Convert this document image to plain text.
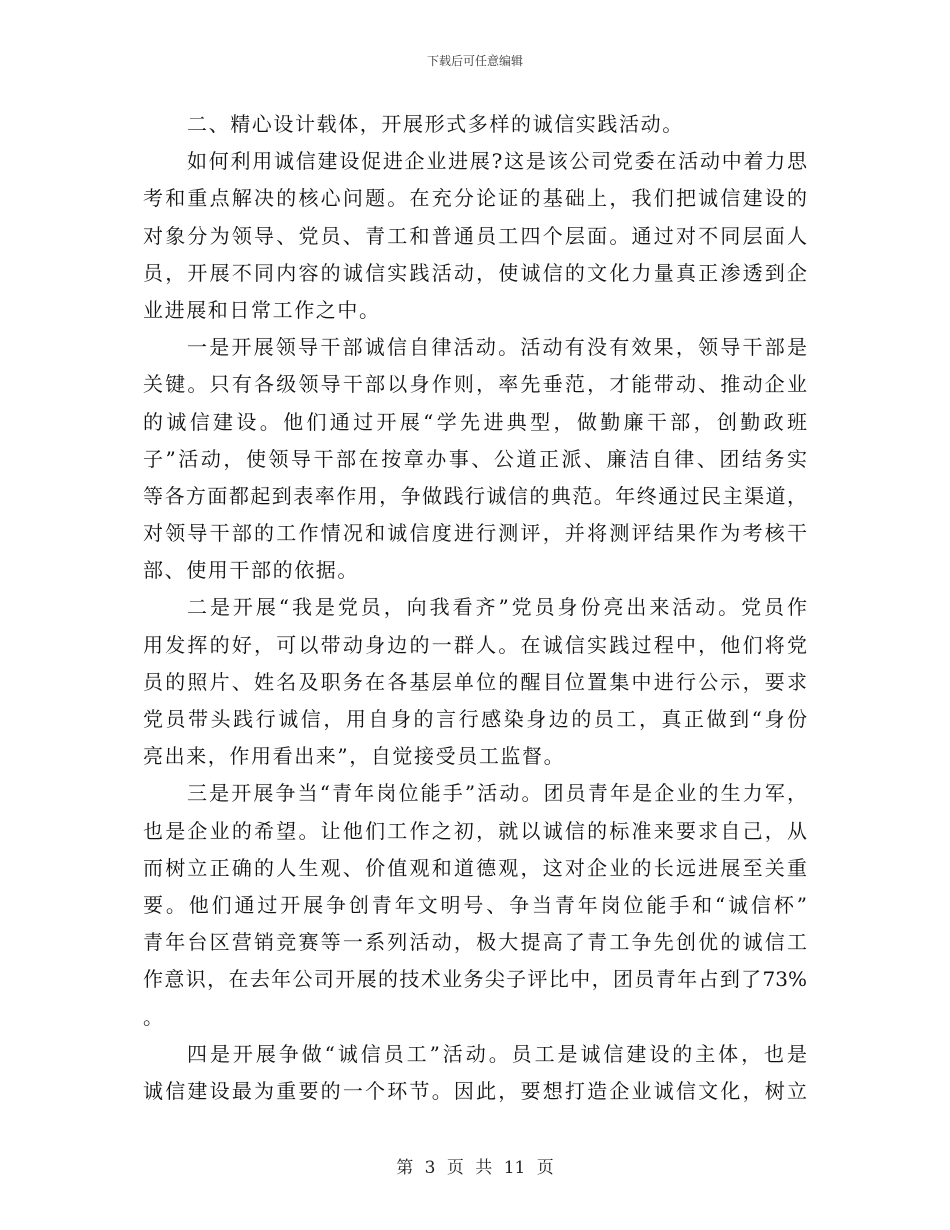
下载后可任意编辑
二、精心设计载体，开展形式多样的诚信实践活动。
如何利用诚信建设促进企业进展?这是该公司党委在活动中着力思
考和重点解决的核心问题。在充分论证的基础上，我们把诚信建设的
对象分为领导、党员、青工和普通员工四个层面。通过对不同层面人
员，开展不同内容的诚信实践活动，使诚信的文化力量真正渗透到企
业进展和日常工作之中。
一是开展领导干部诚信自律活动。活动有没有效果，领导干部是
关键。只有各级领导干部以身作则，率先垂范，才能带动、推动企业
的诚信建设。他们通过开展“学先进典型，做勤廉干部，创勤政班
子”活动，使领导干部在按章办事、公道正派、廉洁自律、团结务实
等各方面都起到表率作用，争做践行诚信的典范。年终通过民主渠道，
对领导干部的工作情况和诚信度进行测评，并将测评结果作为考核干
部、使用干部的依据。
二是开展“我是党员，向我看齐”党员身份亮出来活动。党员作
用发挥的好，可以带动身边的一群人。在诚信实践过程中，他们将党
员的照片、姓名及职务在各基层单位的醒目位置集中进行公示，要求
党员带头践行诚信，用自身的言行感染身边的员工，真正做到“身份
亮出来，作用看出来”，自觉接受员工监督。
三是开展争当“青年岗位能手”活动。团员青年是企业的生力军，
也是企业的希望。让他们工作之初，就以诚信的标准来要求自己，从
而树立正确的人生观、价值观和道德观，这对企业的长远进展至关重
要。他们通过开展争创青年文明号、争当青年岗位能手和“诚信杯”
青年台区营销竞赛等一系列活动，极大提高了青工争先创优的诚信工
作意识，在去年公司开展的技术业务尖子评比中，团员青年占到了73%
。
四是开展争做“诚信员工”活动。员工是诚信建设的主体，也是
诚信建设最为重要的一个环节。因此，要想打造企业诚信文化，树立
第 3 页 共 11 页
